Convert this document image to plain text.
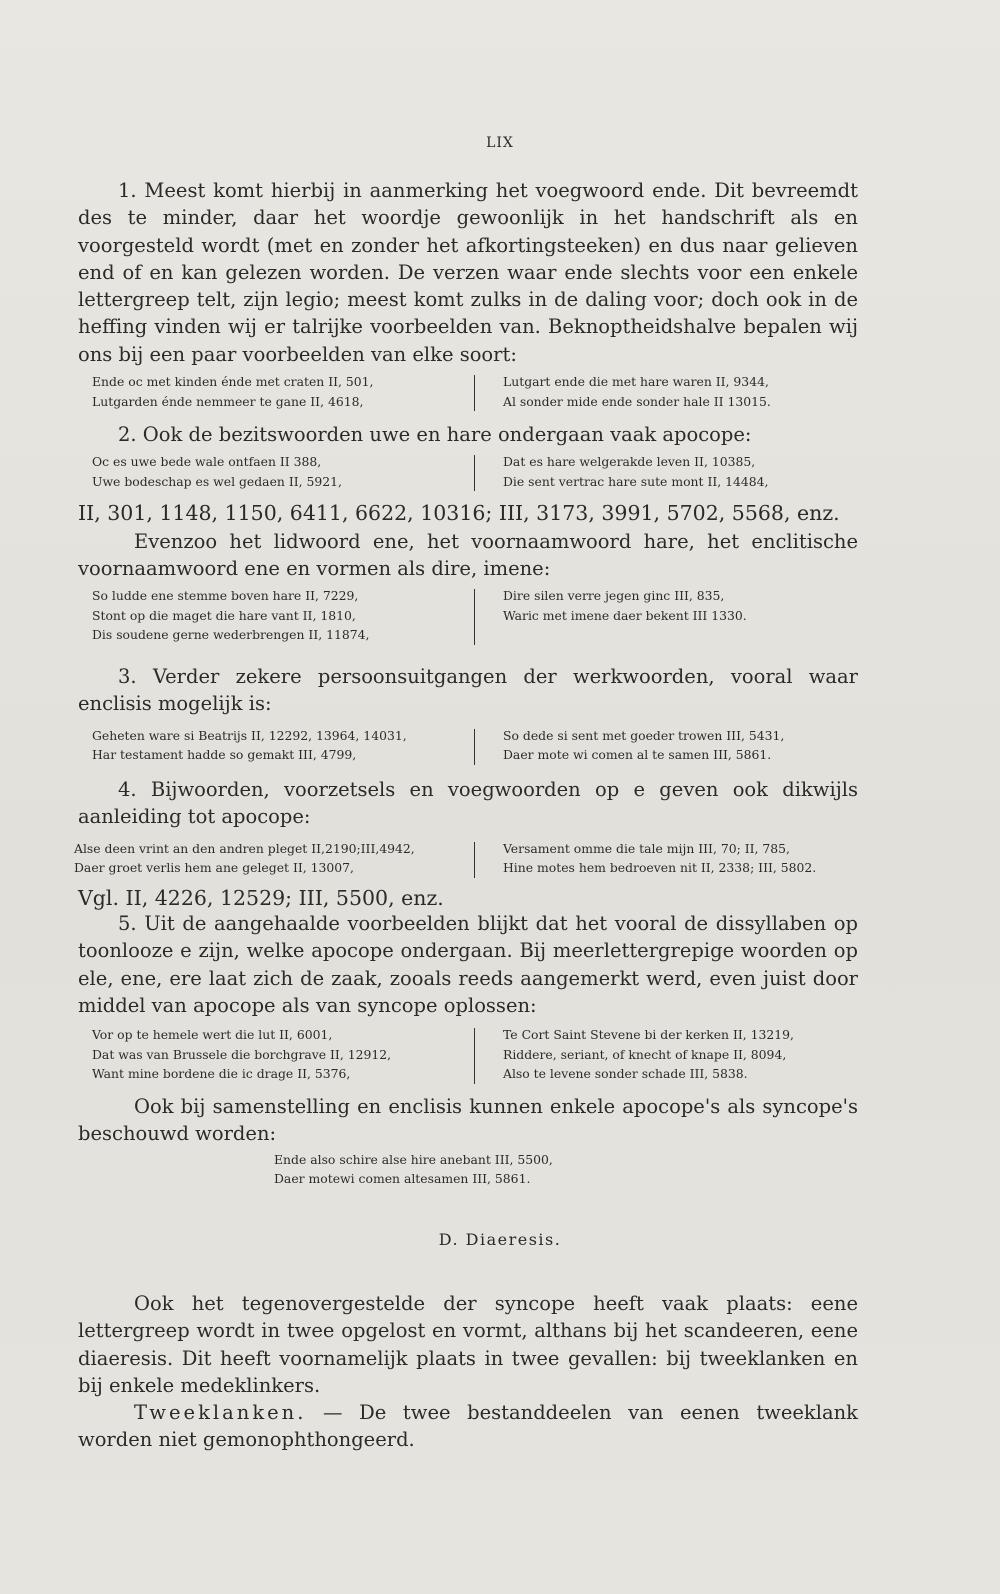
LIX

1. Meest komt hierbij in aanmerking het voegwoord ende. Dit bevreemdt des te minder, daar het woordje gewoonlijk in het handschrift als en voorgesteld wordt (met en zonder het afkortingsteeken) en dus naar gelieven end of en kan gelezen worden. De verzen waar ende slechts voor een enkele lettergreep telt, zijn legio; meest komt zulks in de daling voor; doch ook in de heffing vinden wij er talrijke voorbeelden van. Beknoptheidshalve bepalen wij ons bij een paar voorbeelden van elke soort:

Ende oc met kinden énde met craten II, 501,
Lutgarden énde nemmeer te gane II, 4618,
Lutgart ende die met hare waren II, 9344,
Al sonder mide ende sonder hale II 13015.

2. Ook de bezitswoorden uwe en hare ondergaan vaak apocope:

Oc es uwe bede wale ontfaen II 388,
Uwe bodeschap es wel gedaen II, 5921,
Dat es hare welgerakde leven II, 10385,
Die sent vertrac hare sute mont II, 14484,

II, 301, 1148, 1150, 6411, 6622, 10316; III, 3173, 3991, 5702, 5568, enz.

Evenzoo het lidwoord ene, het voornaamwoord hare, het enclitische voornaamwoord ene en vormen als dire, imene:

So ludde ene stemme boven hare II, 7229,
Stont op die maget die hare vant II, 1810,
Dis soudene gerne wederbrengen II, 11874,
Dire silen verre jegen ginc III, 835,
Waric met imene daer bekent III 1330.

3. Verder zekere persoonsuitgangen der werkwoorden, vooral waar enclisis mogelijk is:

Geheten ware si Beatrijs II, 12292, 13964, 14031,
Har testament hadde so gemakt III, 4799,
So dede si sent met goeder trowen III, 5431,
Daer mote wi comen al te samen III, 5861.

4. Bijwoorden, voorzetsels en voegwoorden op e geven ook dikwijls aanleiding tot apocope:

Alse deen vrint an den andren pleget II,2190;III,4942,
Daer groet verlis hem ane geleget II, 13007,
Versament omme die tale mijn III, 70; II, 785,
Hine motes hem bedroeven nit II, 2338; III, 5802.

Vgl. II, 4226, 12529; III, 5500, enz.

5. Uit de aangehaalde voorbeelden blijkt dat het vooral de dissyllaben op toonlooze e zijn, welke apocope ondergaan. Bij meerlettergrepige woorden op ele, ene, ere laat zich de zaak, zooals reeds aangemerkt werd, even juist door middel van apocope als van syncope oplossen:

Vor op te hemele wert die lut II, 6001,
Dat was van Brussele die borchgrave II, 12912,
Want mine bordene die ic drage II, 5376,
Te Cort Saint Stevene bi der kerken II, 13219,
Riddere, seriant, of knecht of knape II, 8094,
Also te levene sonder schade III, 5838.

Ook bij samenstelling en enclisis kunnen enkele apocope's als syncope's beschouwd worden:

Ende also schire alse hire anebant III, 5500,
Daer motewi comen altesamen III, 5861.
D. Diaeresis.

Ook het tegenovergestelde der syncope heeft vaak plaats: eene lettergreep wordt in twee opgelost en vormt, althans bij het scandeeren, eene diaeresis. Dit heeft voornamelijk plaats in twee gevallen: bij tweeklanken en bij enkele medeklinkers.

Tweeklanken. — De twee bestanddeelen van eenen tweeklank worden niet gemonophthongeerd.
